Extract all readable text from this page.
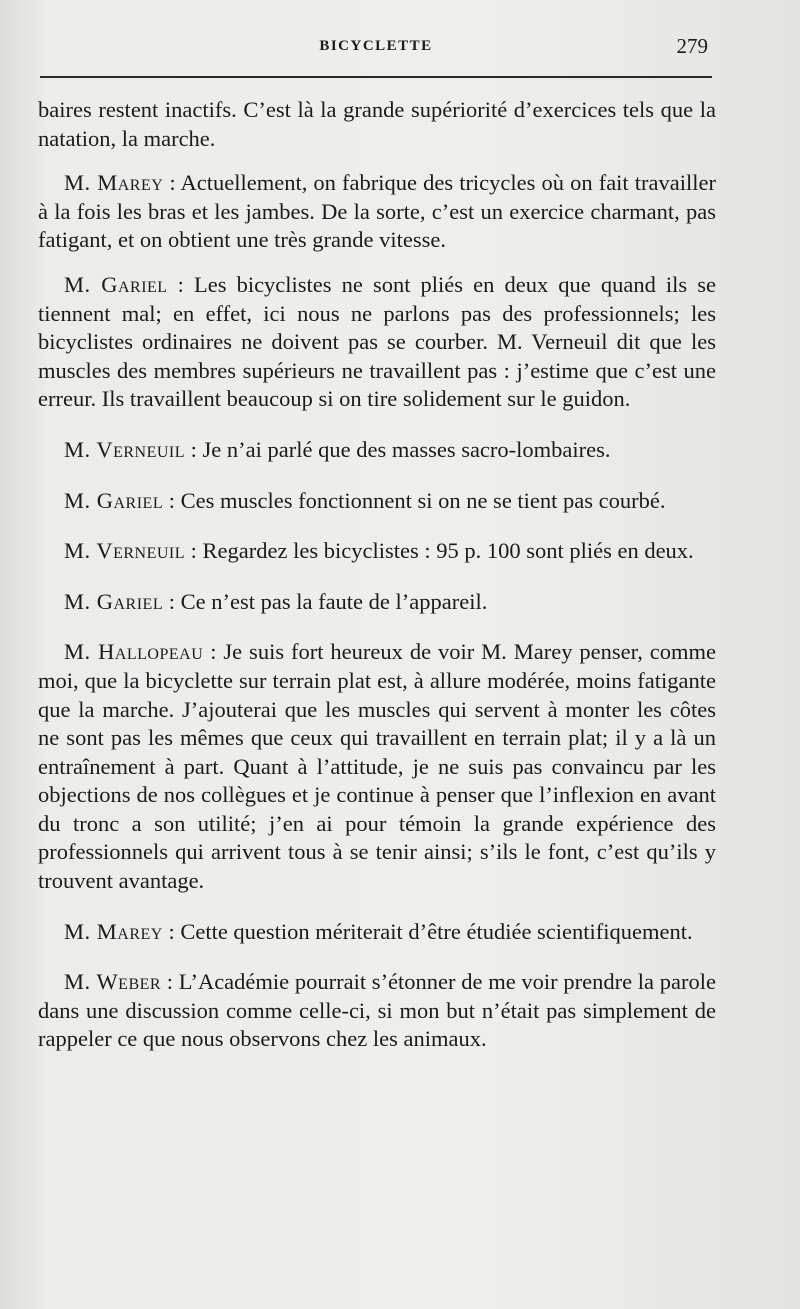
BICYCLETTE	279

baires restent inactifs. C’est là la grande supériorité d’exercices tels que la natation, la marche.

M. Marey : Actuellement, on fabrique des tricycles où on fait travailler à la fois les bras et les jambes. De la sorte, c’est un exercice charmant, pas fatigant, et on obtient une très grande vitesse.

M. Gariel : Les bicyclistes ne sont pliés en deux que quand ils se tiennent mal; en effet, ici nous ne parlons pas des professionnels; les bicyclistes ordinaires ne doivent pas se courber. M. Verneuil dit que les muscles des membres supérieurs ne travaillent pas : j’estime que c’est une erreur. Ils travaillent beaucoup si on tire solidement sur le guidon.

M. Verneuil : Je n’ai parlé que des masses sacro-lombaires.

M. Gariel : Ces muscles fonctionnent si on ne se tient pas courbé.

M. Verneuil : Regardez les bicyclistes : 95 p. 100 sont pliés en deux.

M. Gariel : Ce n’est pas la faute de l’appareil.

M. Hallopeau : Je suis fort heureux de voir M. Marey penser, comme moi, que la bicyclette sur terrain plat est, à allure modérée, moins fatigante que la marche. J’ajouterai que les muscles qui servent à monter les côtes ne sont pas les mêmes que ceux qui travaillent en terrain plat; il y a là un entraînement à part. Quant à l’attitude, je ne suis pas convaincu par les objections de nos collègues et je continue à penser que l’inflexion en avant du tronc a son utilité; j’en ai pour témoin la grande expérience des professionnels qui arrivent tous à se tenir ainsi; s’ils le font, c’est qu’ils y trouvent avantage.

M. Marey : Cette question mériterait d’être étudiée scientifiquement.

M. Weber : L’Académie pourrait s’étonner de me voir prendre la parole dans une discussion comme celle-ci, si mon but n’était pas simplement de rappeler ce que nous observons chez les animaux.
